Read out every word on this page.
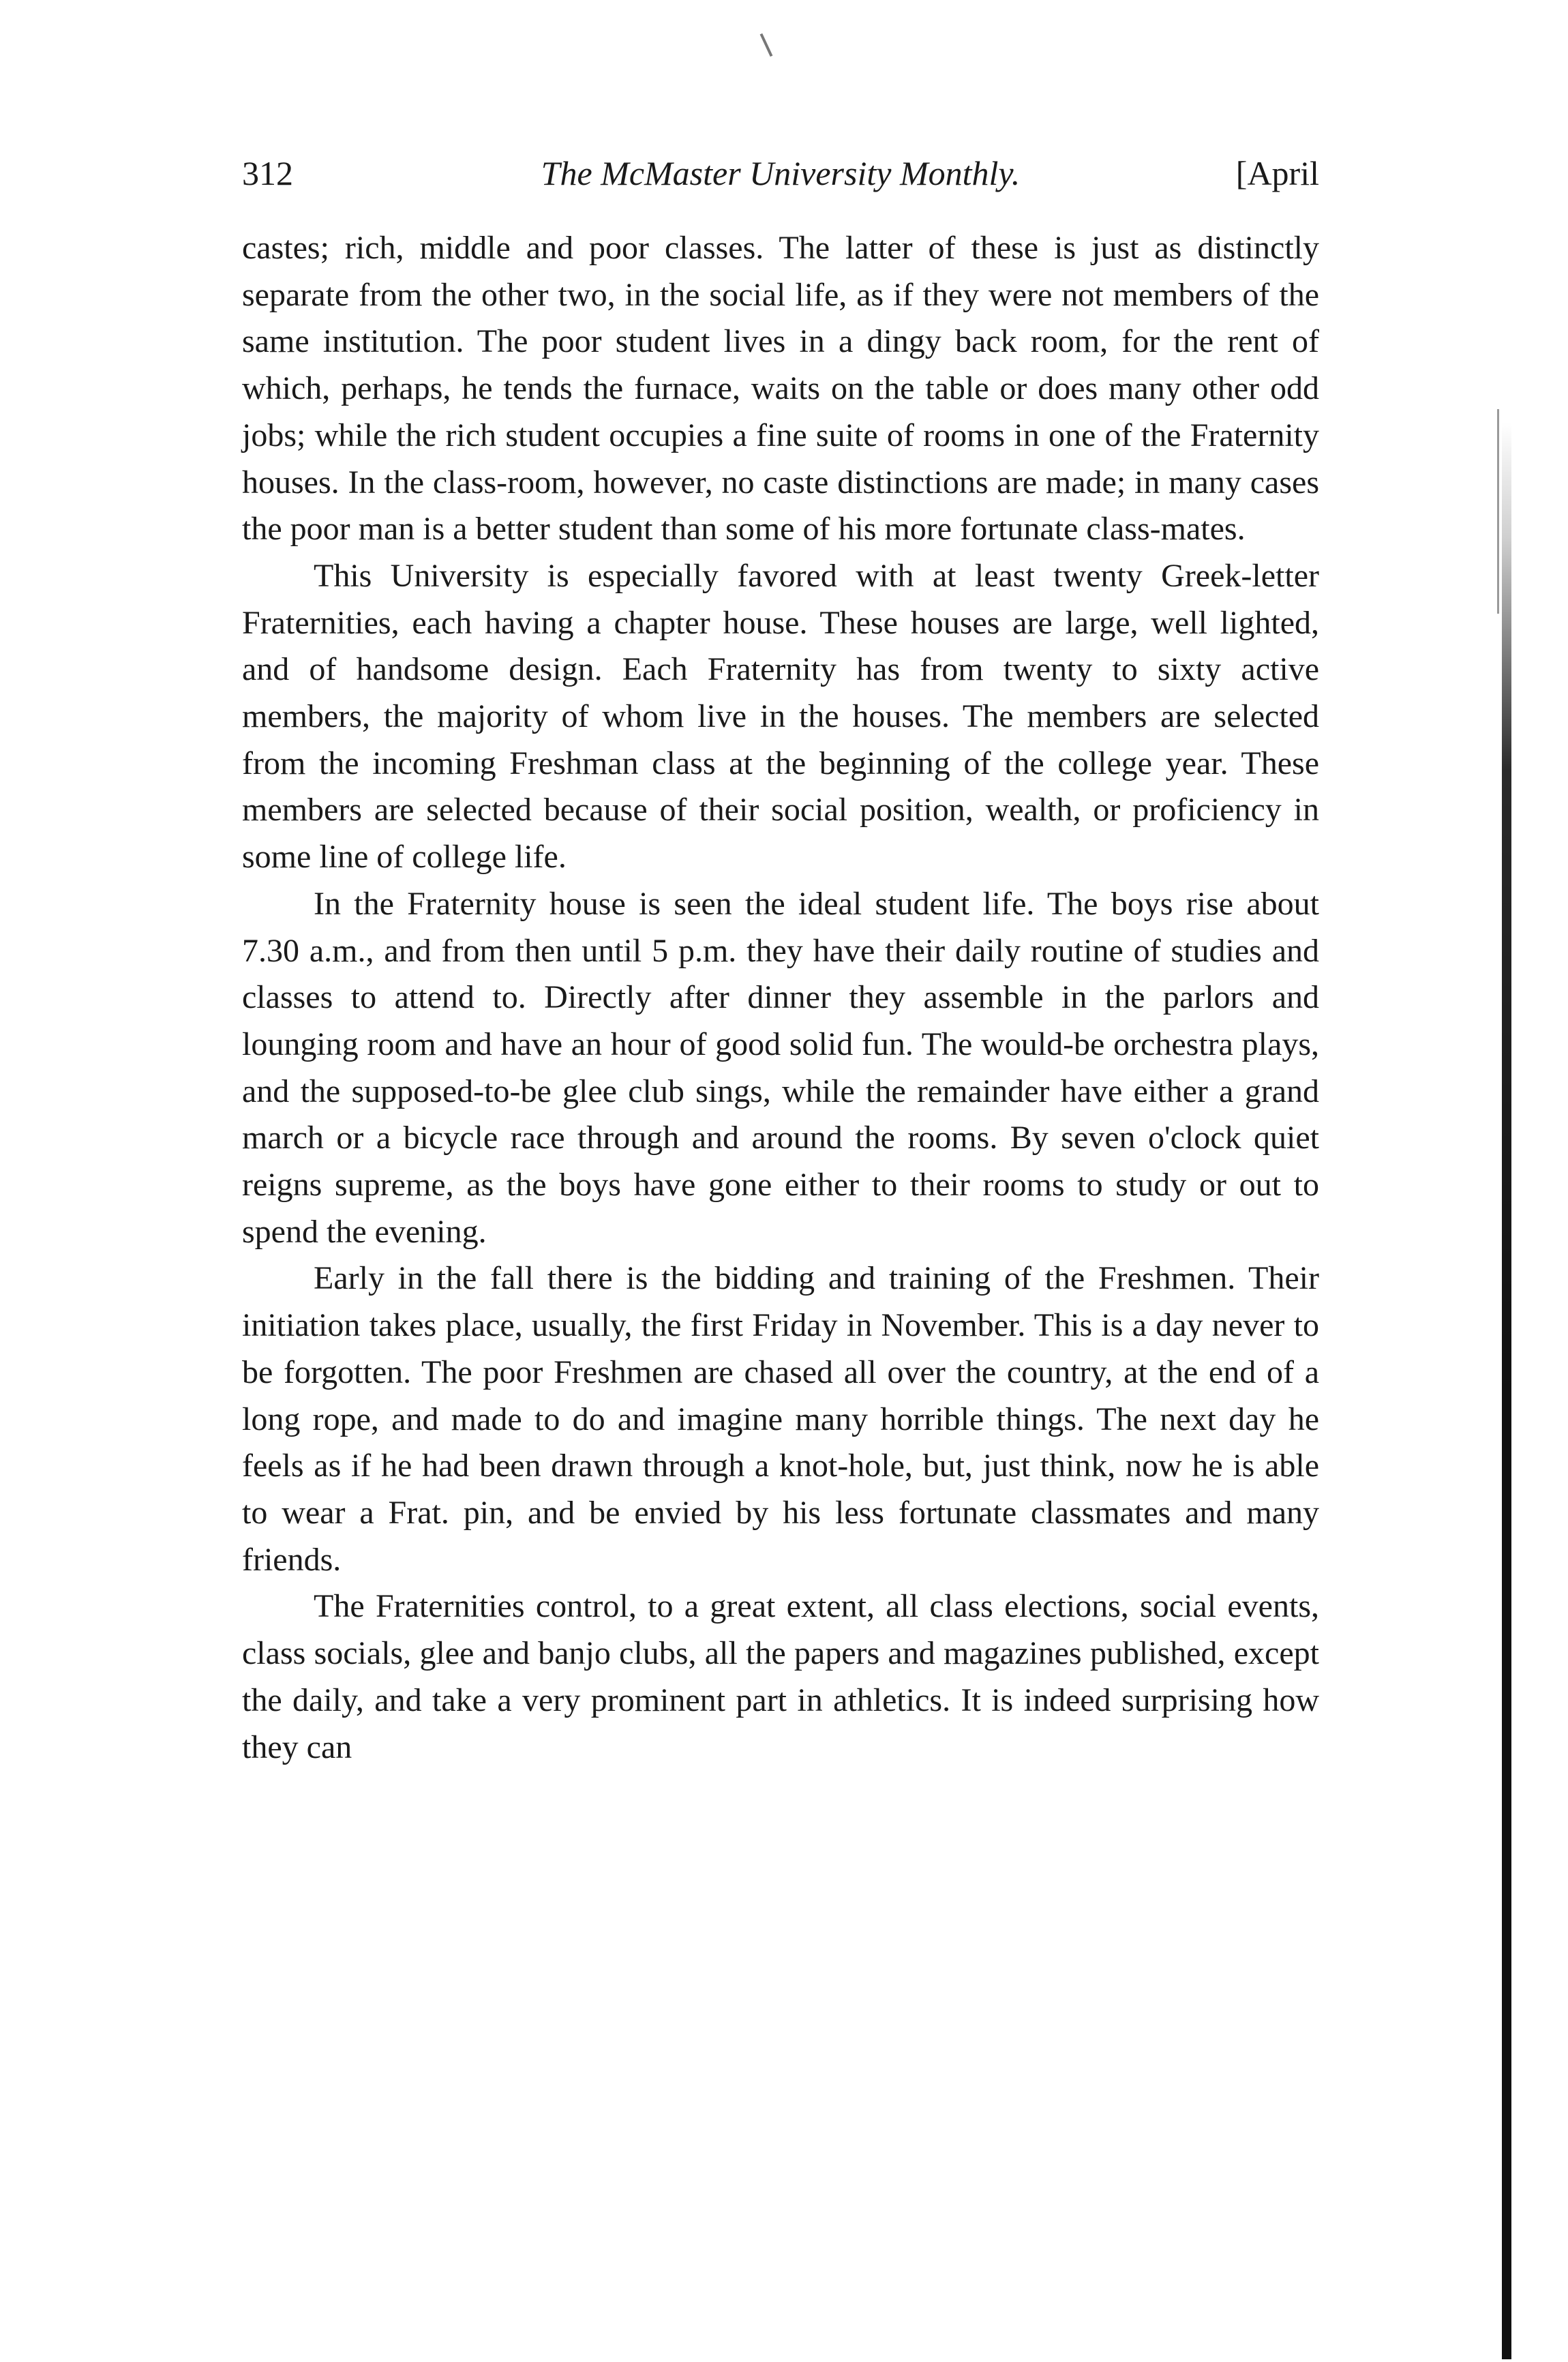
312	The McMaster University Monthly.	[April

castes; rich, middle and poor classes. The latter of these is just as distinctly separate from the other two, in the social life, as if they were not members of the same institution. The poor student lives in a dingy back room, for the rent of which, perhaps, he tends the furnace, waits on the table or does many other odd jobs; while the rich student occupies a fine suite of rooms in one of the Fraternity houses. In the class-room, however, no caste distinctions are made; in many cases the poor man is a better student than some of his more fortunate class-mates.

This University is especially favored with at least twenty Greek-letter Fraternities, each having a chapter house. These houses are large, well lighted, and of handsome design. Each Fraternity has from twenty to sixty active members, the majority of whom live in the houses. The members are selected from the incoming Freshman class at the beginning of the college year. These members are selected because of their social position, wealth, or proficiency in some line of college life.

In the Fraternity house is seen the ideal student life. The boys rise about 7.30 a.m., and from then until 5 p.m. they have their daily routine of studies and classes to attend to. Directly after dinner they assemble in the parlors and lounging room and have an hour of good solid fun. The would-be orchestra plays, and the supposed-to-be glee club sings, while the remainder have either a grand march or a bicycle race through and around the rooms. By seven o'clock quiet reigns supreme, as the boys have gone either to their rooms to study or out to spend the evening.

Early in the fall there is the bidding and training of the Freshmen. Their initiation takes place, usually, the first Friday in November. This is a day never to be forgotten. The poor Freshmen are chased all over the country, at the end of a long rope, and made to do and imagine many horrible things. The next day he feels as if he had been drawn through a knot-hole, but, just think, now he is able to wear a Frat. pin, and be envied by his less fortunate classmates and many friends.

The Fraternities control, to a great extent, all class elections, social events, class socials, glee and banjo clubs, all the papers and magazines published, except the daily, and take a very prominent part in athletics. It is indeed surprising how they can
